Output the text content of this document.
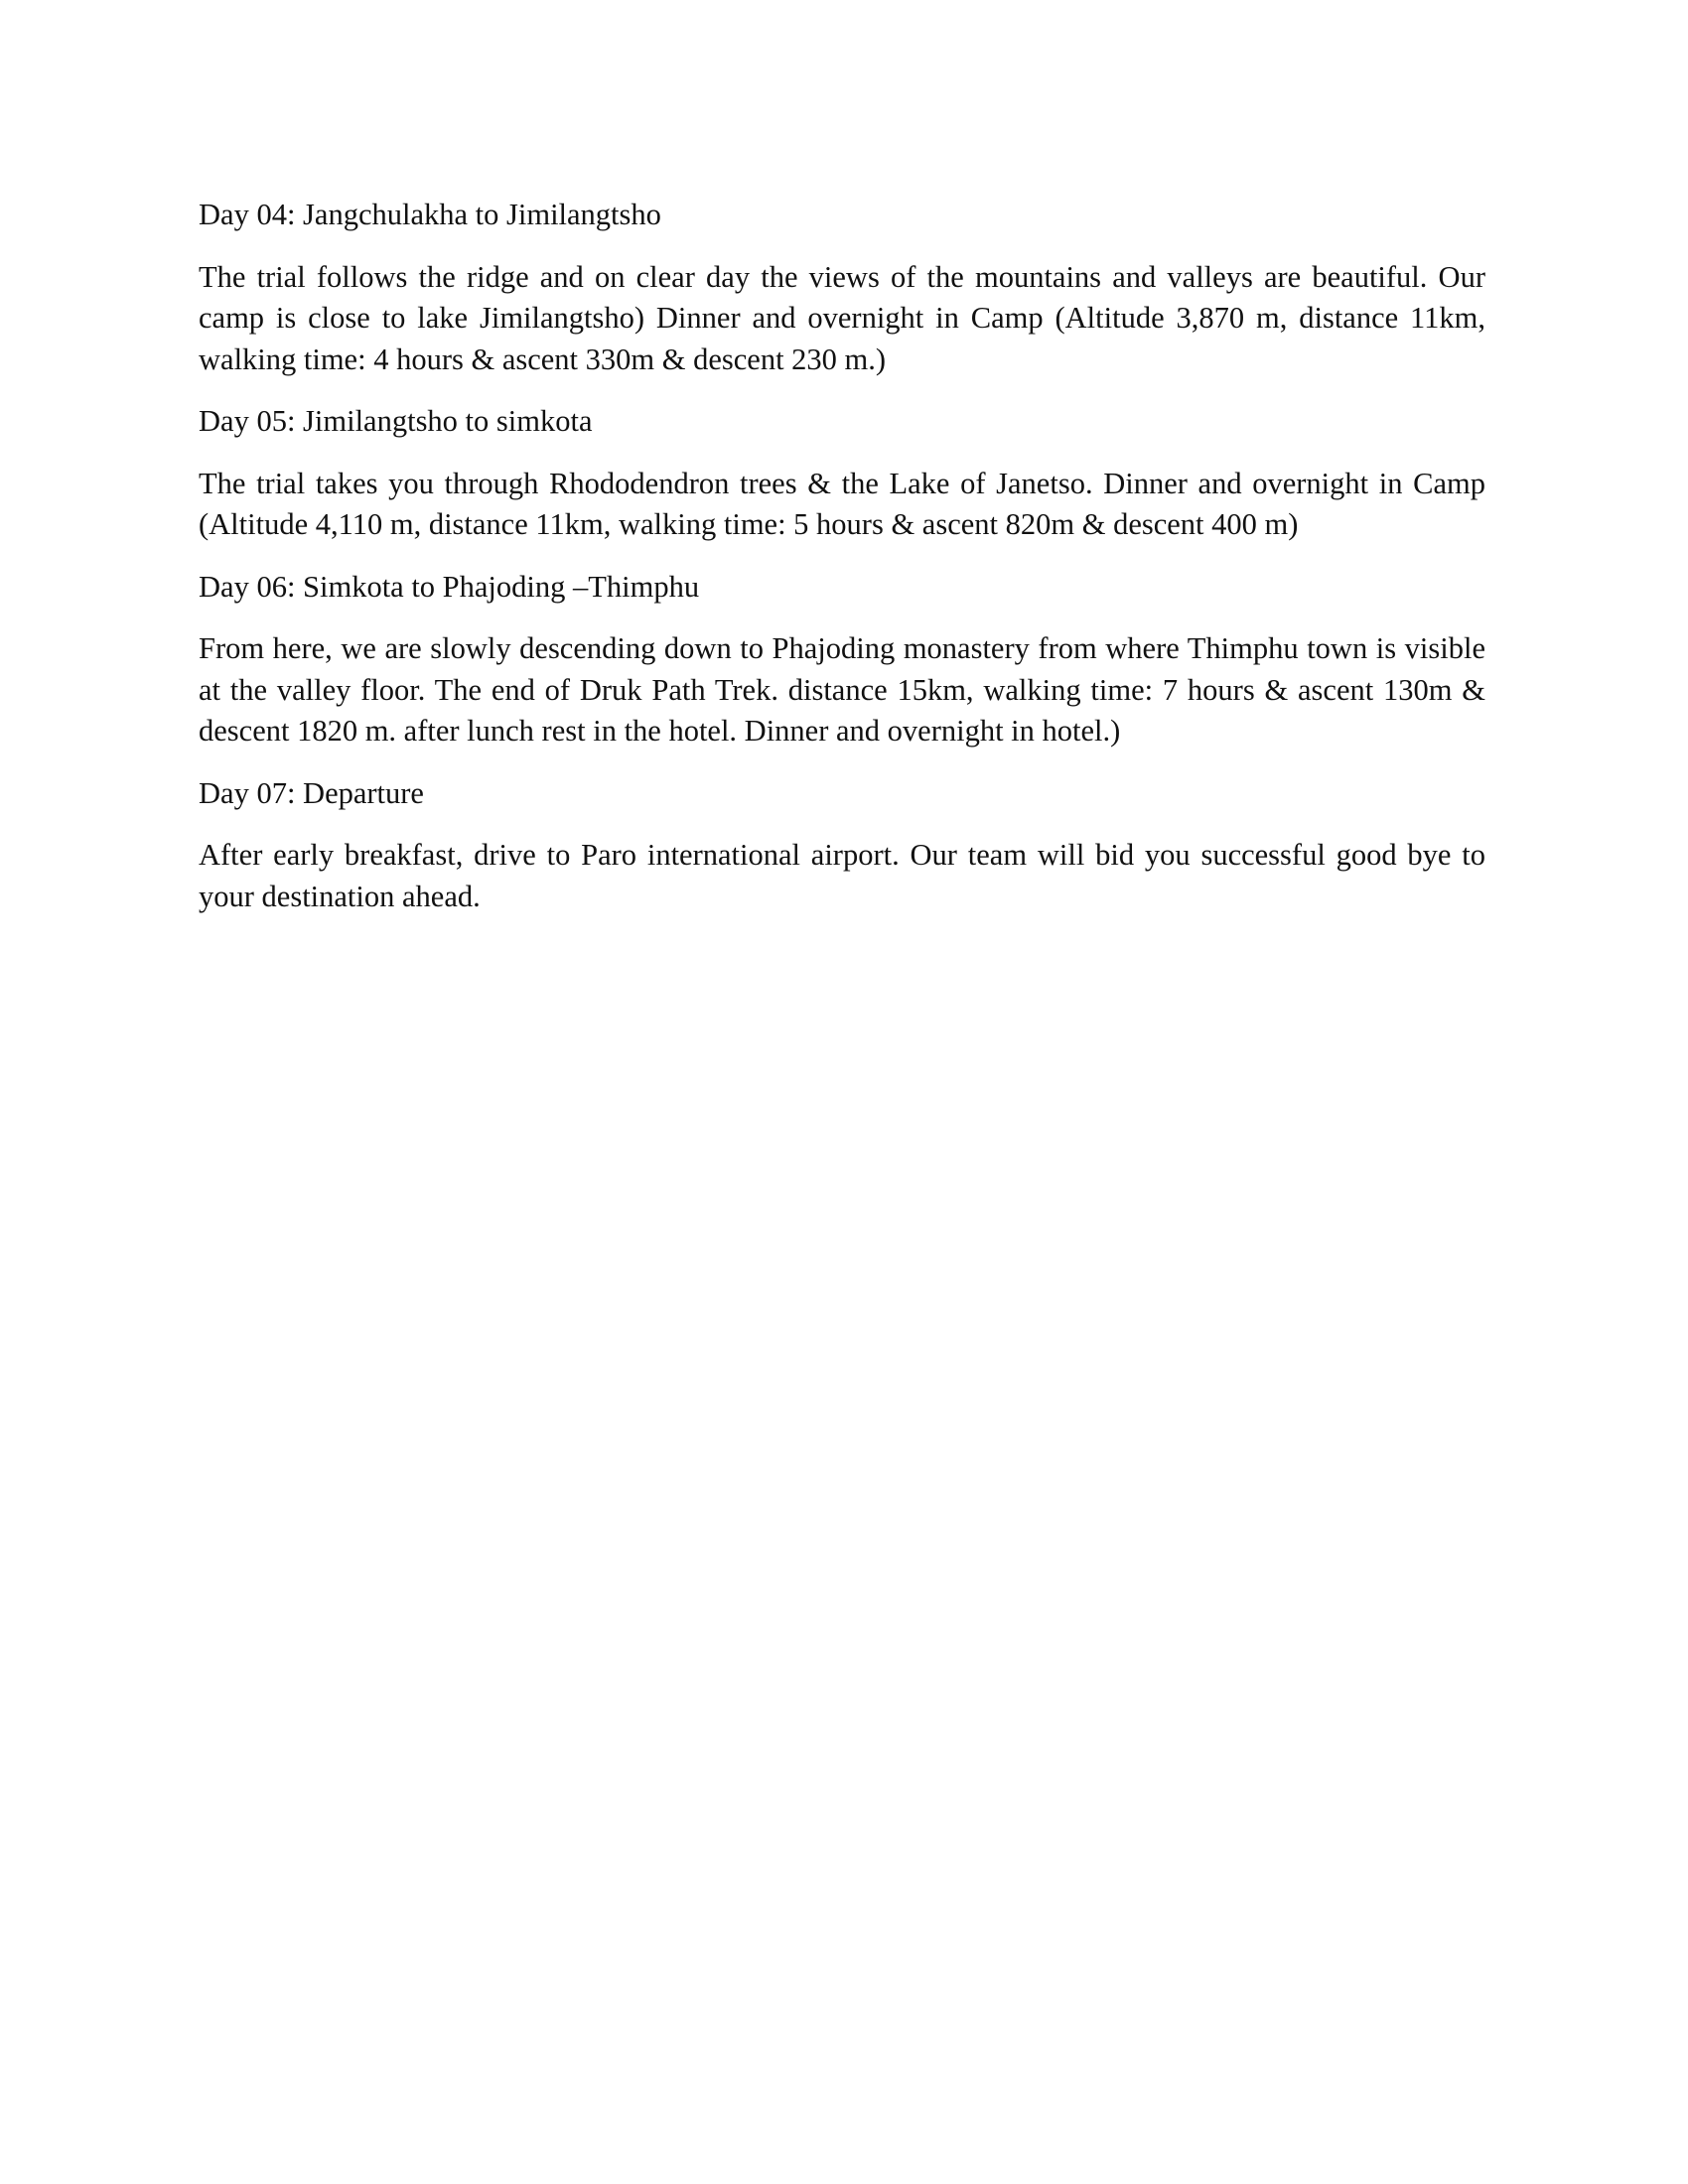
Day 04: Jangchulakha to Jimilangtsho

The trial follows the ridge and on clear day the views of the mountains and valleys are beautiful. Our camp is close to lake Jimilangtsho) Dinner and overnight in Camp (Altitude 3,870 m, distance 11km, walking time: 4 hours & ascent 330m & descent 230 m.)

Day 05: Jimilangtsho to simkota

The trial takes you through Rhododendron trees & the Lake of Janetso. Dinner and overnight in Camp (Altitude 4,110 m, distance 11km, walking time: 5 hours & ascent 820m & descent 400 m)

Day 06: Simkota to Phajoding –Thimphu

From here, we are slowly descending down to Phajoding monastery from where Thimphu town is visible at the valley floor. The end of Druk Path Trek. distance 15km, walking time: 7 hours & ascent 130m & descent 1820 m. after lunch rest in the hotel. Dinner and overnight in hotel.)

Day 07: Departure

After early breakfast, drive to Paro international airport. Our team will bid you successful good bye to your destination ahead.
